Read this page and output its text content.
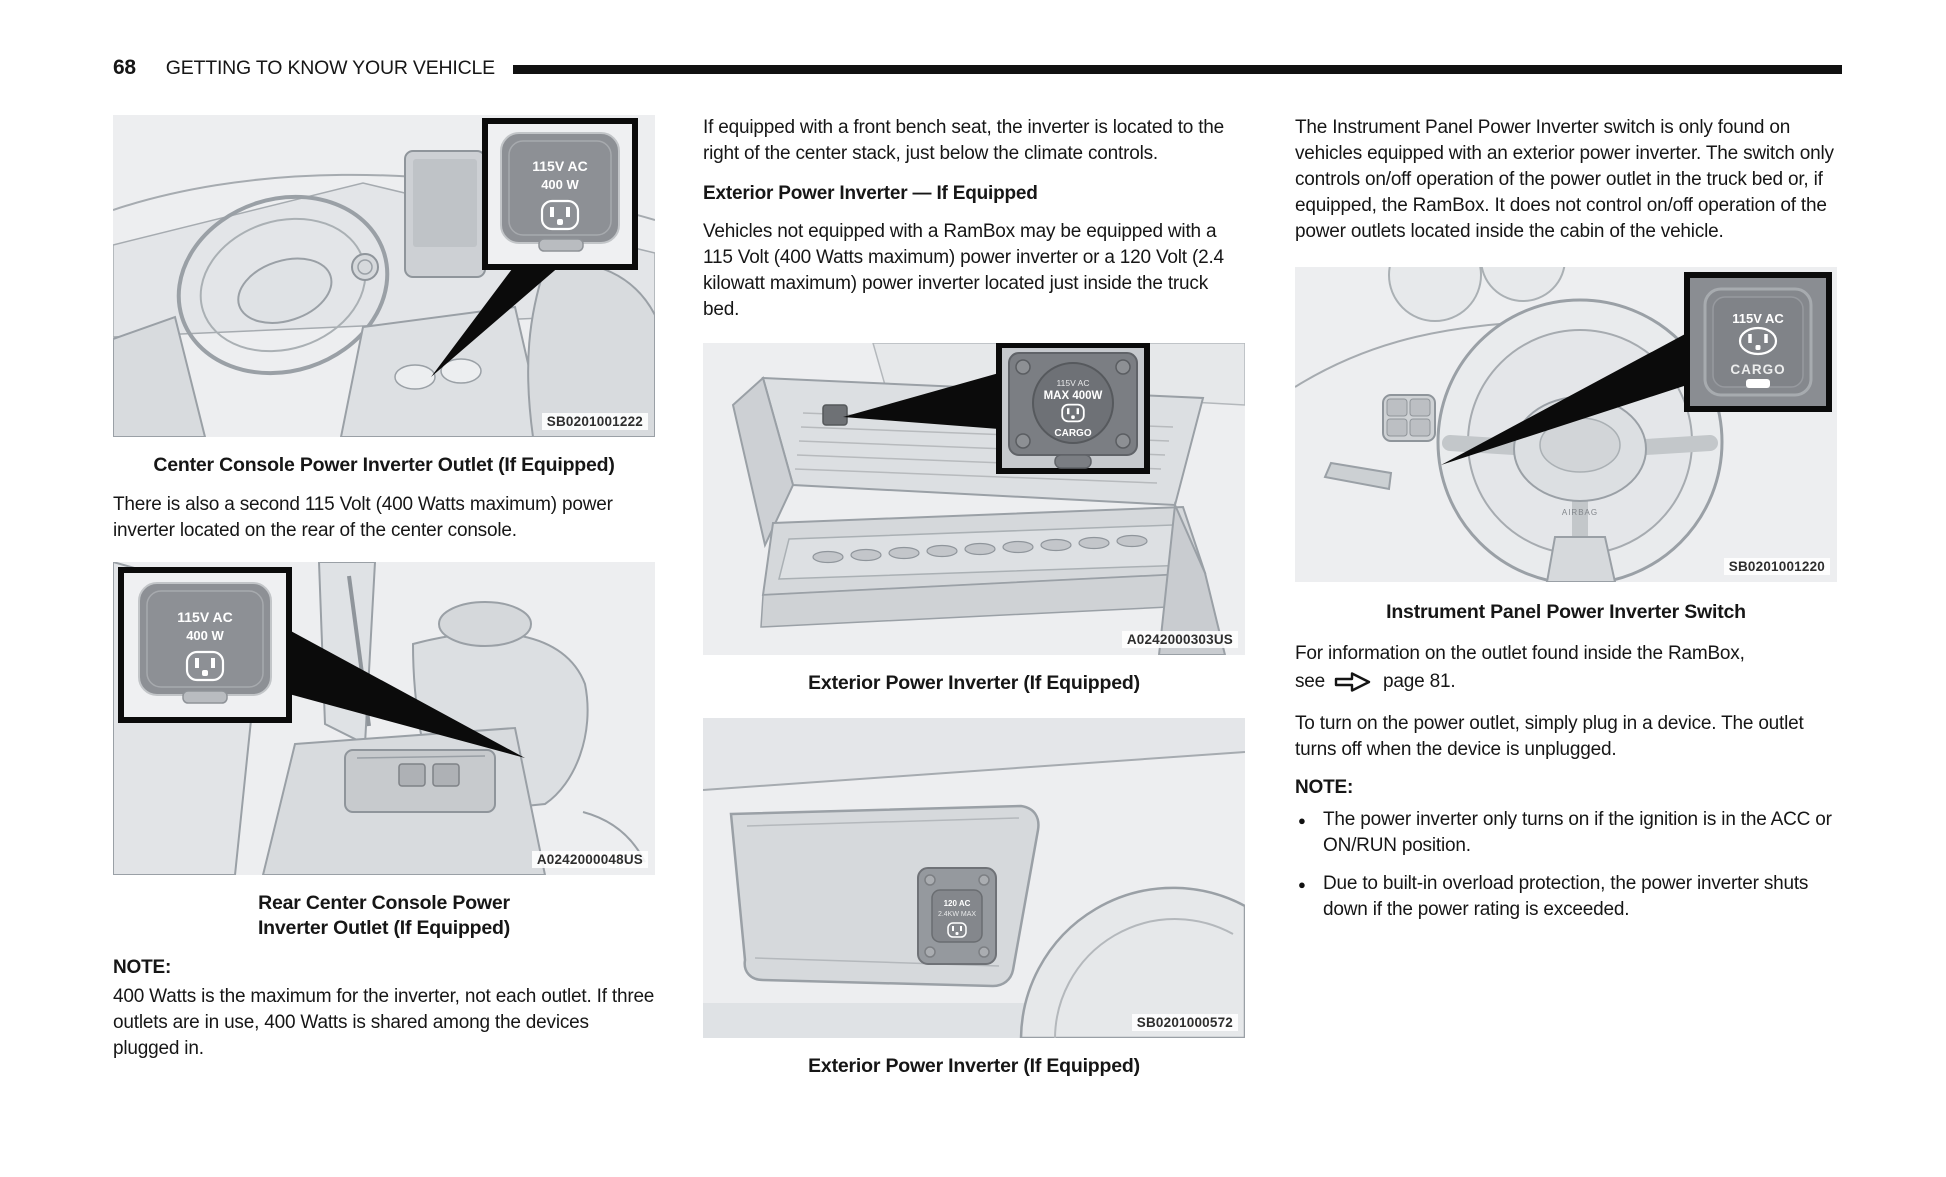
68 GETTING TO KNOW YOUR VEHICLE
115V AC
400 W
SB0201001222
Center Console Power Inverter Outlet (If Equipped)
There is also a second 115 Volt (400 Watts maximum) power inverter located on the rear of the center console.
115V AC
400 W
A0242000048US
Rear Center Console Power
Inverter Outlet (If Equipped)
NOTE:
400 Watts is the maximum for the inverter, not each outlet. If three outlets are in use, 400 Watts is shared among the devices plugged in.
If equipped with a front bench seat, the inverter is located to the right of the center stack, just below the climate controls.
Exterior Power Inverter — If Equipped
Vehicles not equipped with a RamBox may be equipped with a 115 Volt (400 Watts maximum) power inverter or a 120 Volt (2.4 kilowatt maximum) power inverter located just inside the truck bed.
115V AC
MAX 400W
CARGO
A0242000303US
Exterior Power Inverter (If Equipped)
120 AC
2.4KW MAX
SB0201000572
Exterior Power Inverter (If Equipped)
The Instrument Panel Power Inverter switch is only found on vehicles equipped with an exterior power inverter. The switch only controls on/off operation of the power outlet in the truck bed or, if equipped, the RamBox. It does not control on/off operation of the power outlets located inside the cabin of the vehicle.
AIRBAG
115V AC
CARGO
SB0201001220
Instrument Panel Power Inverter Switch
For information on the outlet found inside the RamBox,
see	page 81.
To turn on the power outlet, simply plug in a device. The outlet turns off when the device is unplugged.
NOTE:
● The power inverter only turns on if the ignition is in the ACC or ON/RUN position.
● Due to built-in overload protection, the power inverter shuts down if the power rating is exceeded.
